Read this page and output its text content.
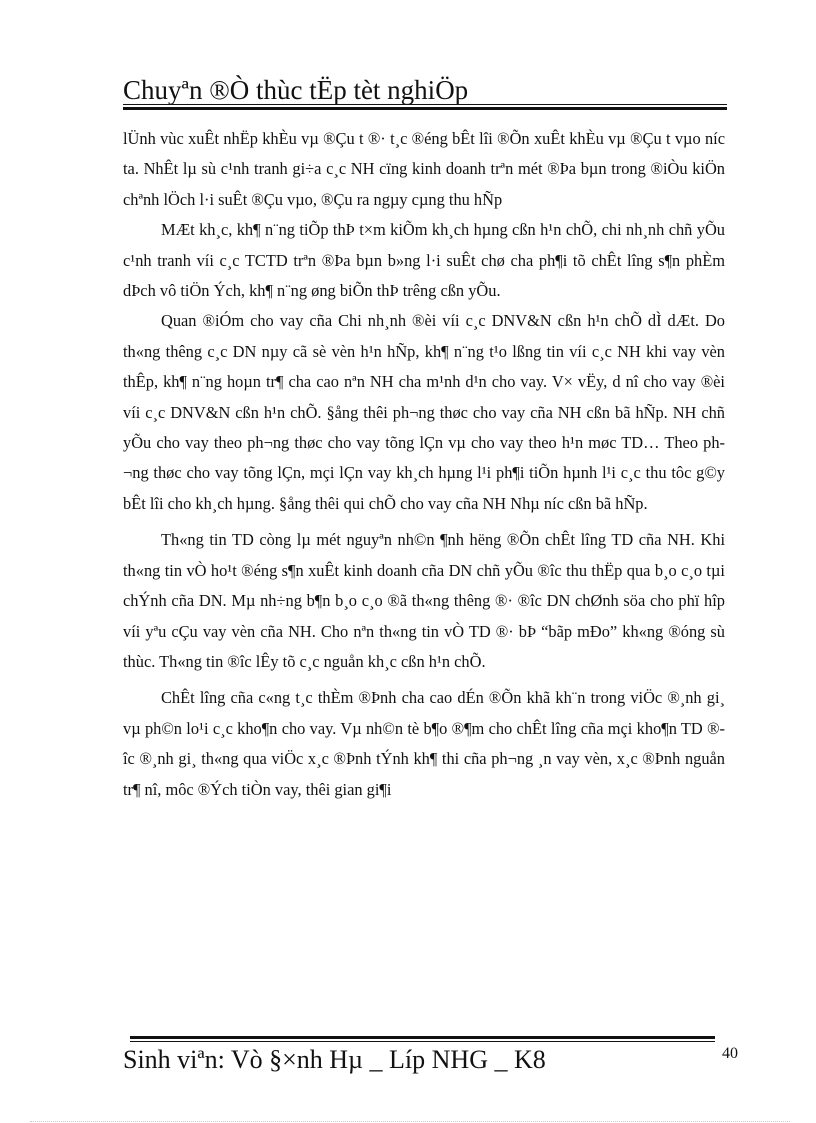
Chuyªn ®Ò thùc tËp tèt nghiÖp

lÜnh vùc xuÊt nhËp khÈu vµ ®Çu t ®· t¸c ®éng bÊt lîi ®Õn xuÊt khÈu vµ ®Çu t vµo níc ta. NhÊt lµ sù c¹nh tranh gi÷a c¸c NH cïng kinh doanh trªn mét ®Þa bµn trong ®iÒu kiÖn chªnh lÖch l·i suÊt ®Çu vµo, ®Çu ra ngµy cµng thu hÑp

MÆt kh¸c, kh¶ n¨ng tiÕp thÞ t×m kiÕm kh¸ch hµng cßn h¹n chÕ, chi nh¸nh chñ yÕu c¹nh tranh víi c¸c TCTD trªn ®Þa bµn b»ng l·i suÊt chø cha ph¶i tõ chÊt lîng s¶n phÈm dÞch vô tiÖn Ých, kh¶ n¨ng øng biÕn thÞ trêng cßn yÕu.

Quan ®iÓm cho vay cña Chi nh¸nh ®èi víi c¸c DNV&N cßn h¹n chÕ dÌ dÆt. Do th«ng thêng c¸c DN nµy cã sè vèn h¹n hÑp, kh¶ n¨ng t¹o lßng tin víi c¸c NH khi vay vèn thÊp, kh¶ n¨ng hoµn tr¶ cha cao nªn NH cha m¹nh d¹n cho vay. V× vËy, d nî cho vay ®èi víi c¸c DNV&N cßn h¹n chÕ. §ång thêi ph¬ng thøc cho vay cña NH cßn bã hÑp. NH chñ yÕu cho vay theo ph¬ng thøc cho vay tõng lÇn vµ cho vay theo h¹n møc TD… Theo ph¬ng thøc cho vay tõng lÇn, mçi lÇn vay kh¸ch hµng l¹i ph¶i tiÕn hµnh l¹i c¸c thu tôc g©y bÊt lîi cho kh¸ch hµng. §ång thêi qui chÕ cho vay cña NH Nhµ níc cßn bã hÑp.

Th«ng tin TD còng lµ mét nguyªn nh©n ¶nh hëng ®Õn chÊt lîng TD cña NH. Khi th«ng tin vÒ ho¹t ®éng s¶n xuÊt kinh doanh cña DN chñ yÕu ®îc thu thËp qua b¸o c¸o tµi chÝnh cña DN. Mµ nh÷ng b¶n b¸o c¸o ®ã th«ng thêng ®· ®îc DN chØnh söa cho phï hîp víi yªu cÇu vay vèn cña NH. Cho nªn th«ng tin vÒ TD ®· bÞ “bãp mÐo” kh«ng ®óng sù thùc. Th«ng tin ®îc lÊy tõ c¸c nguån kh¸c cßn h¹n chÕ.

ChÊt lîng cña c«ng t¸c thÈm ®Þnh cha cao dÉn ®Õn khã kh¨n trong viÖc ®¸nh gi¸ vµ ph©n lo¹i c¸c kho¶n cho vay. Vµ nh©n tè b¶o ®¶m cho chÊt lîng cña mçi kho¶n TD ®îc ®¸nh gi¸ th«ng qua viÖc x¸c ®Þnh tÝnh kh¶ thi cña ph¬ng ¸n vay vèn, x¸c ®Þnh nguån tr¶ nî, môc ®Ých tiÒn vay, thêi gian gi¶i

Sinh viªn: Vò §×nh Hµ _ Líp NHG _ K8	40
